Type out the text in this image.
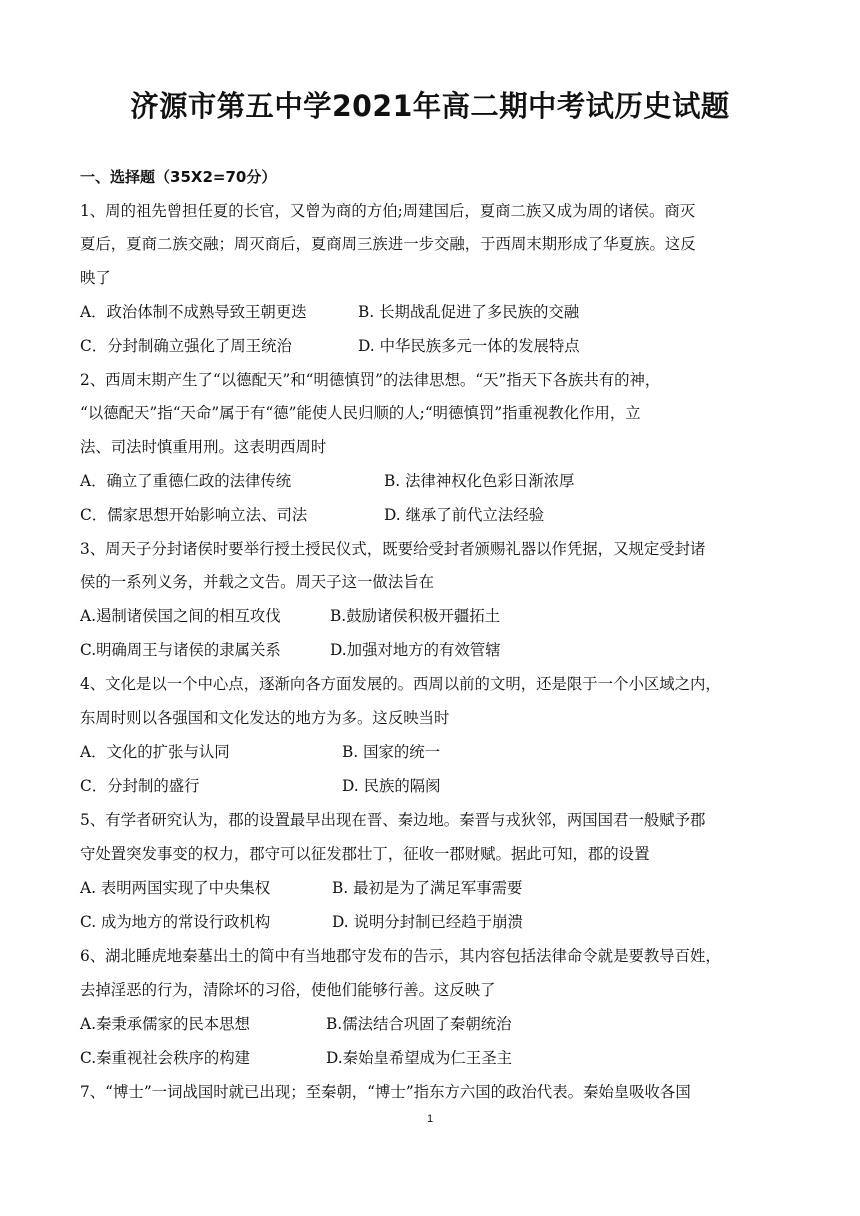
济源市第五中学2021年高二期中考试历史试题
一、选择题（35X2=70分）
1、周的祖先曾担任夏的长官，又曾为商的方伯;周建国后，夏商二族又成为周的诸侯。商灭
夏后，夏商二族交融；周灭商后，夏商周三族进一步交融，于西周末期形成了华夏族。这反
映了
A．政治体制不成熟导致王朝更迭	B. 长期战乱促进了多民族的交融
C．分封制确立强化了周王统治	D. 中华民族多元一体的发展特点
2、西周末期产生了“以德配天”和“明德慎罚”的法律思想。“天”指天下各族共有的神，
“以德配天”指“天命”属于有“德”能使人民归顺的人;“明德慎罚”指重视教化作用，立
法、司法时慎重用刑。这表明西周时
A．确立了重德仁政的法律传统	B. 法律神权化色彩日渐浓厚
C．儒家思想开始影响立法、司法	D. 继承了前代立法经验
3、周天子分封诸侯时要举行授土授民仪式，既要给受封者颁赐礼器以作凭据，又规定受封诸
侯的一系列义务，并载之文告。周天子这一做法旨在
A.遏制诸侯国之间的相互攻伐	B.鼓励诸侯积极开疆拓土
C.明确周王与诸侯的隶属关系	D.加强对地方的有效管辖
4、文化是以一个中心点，逐渐向各方面发展的。西周以前的文明，还是限于一个小区域之内，
东周时则以各强国和文化发达的地方为多。这反映当时
A．文化的扩张与认同	B. 国家的统一
C．分封制的盛行	D. 民族的隔阂
5、有学者研究认为，郡的设置最早出现在晋、秦边地。秦晋与戎狄邻，两国国君一般赋予郡
守处置突发事变的权力，郡守可以征发郡壮丁，征收一郡财赋。据此可知，郡的设置
A. 表明两国实现了中央集权	B. 最初是为了满足军事需要
C. 成为地方的常设行政机构	D. 说明分封制已经趋于崩溃
6、湖北睡虎地秦墓出土的简中有当地郡守发布的告示，其内容包括法律命令就是要教导百姓，
去掉淫恶的行为，清除坏的习俗，使他们能够行善。这反映了
A.秦秉承儒家的民本思想	B.儒法结合巩固了秦朝统治
C.秦重视社会秩序的构建	D.秦始皇希望成为仁王圣主
7、“博士”一词战国时就已出现；至秦朝，“博士”指东方六国的政治代表。秦始皇吸收各国
1
